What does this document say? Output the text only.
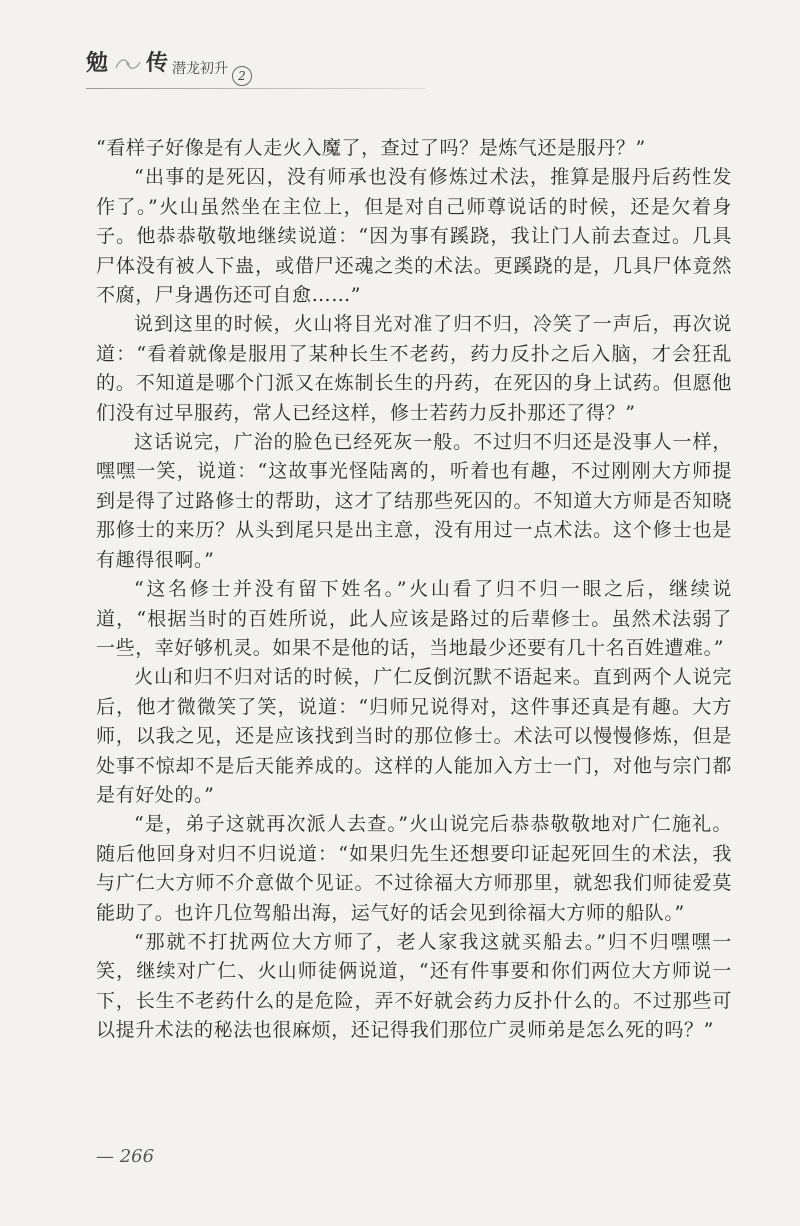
勉 传 潜龙初升 2

“看样子好像是有人走火入魔了，查过了吗？是炼气还是服丹？”

“出事的是死囚，没有师承也没有修炼过术法，推算是服丹后药性发作了。”火山虽然坐在主位上，但是对自己师尊说话的时候，还是欠着身子。他恭恭敬敬地继续说道：“因为事有蹊跷，我让门人前去查过。几具尸体没有被人下蛊，或借尸还魂之类的术法。更蹊跷的是，几具尸体竟然不腐，尸身遇伤还可自愈……”

说到这里的时候，火山将目光对准了归不归，冷笑了一声后，再次说道：“看着就像是服用了某种长生不老药，药力反扑之后入脑，才会狂乱的。不知道是哪个门派又在炼制长生的丹药，在死囚的身上试药。但愿他们没有过早服药，常人已经这样，修士若药力反扑那还了得？”

这话说完，广治的脸色已经死灰一般。不过归不归还是没事人一样，嘿嘿一笑，说道：“这故事光怪陆离的，听着也有趣，不过刚刚大方师提到是得了过路修士的帮助，这才了结那些死囚的。不知道大方师是否知晓那修士的来历？从头到尾只是出主意，没有用过一点术法。这个修士也是有趣得很啊。”

“这名修士并没有留下姓名。”火山看了归不归一眼之后，继续说道，“根据当时的百姓所说，此人应该是路过的后辈修士。虽然术法弱了一些，幸好够机灵。如果不是他的话，当地最少还要有几十名百姓遭难。”

火山和归不归对话的时候，广仁反倒沉默不语起来。直到两个人说完后，他才微微笑了笑，说道：“归师兄说得对，这件事还真是有趣。大方师，以我之见，还是应该找到当时的那位修士。术法可以慢慢修炼，但是处事不惊却不是后天能养成的。这样的人能加入方士一门，对他与宗门都是有好处的。”

“是，弟子这就再次派人去查。”火山说完后恭恭敬敬地对广仁施礼。随后他回身对归不归说道：“如果归先生还想要印证起死回生的术法，我与广仁大方师不介意做个见证。不过徐福大方师那里，就恕我们师徒爱莫能助了。也许几位驾船出海，运气好的话会见到徐福大方师的船队。”

“那就不打扰两位大方师了，老人家我这就买船去。”归不归嘿嘿一笑，继续对广仁、火山师徒俩说道，“还有件事要和你们两位大方师说一下，长生不老药什么的是危险，弄不好就会药力反扑什么的。不过那些可以提升术法的秘法也很麻烦，还记得我们那位广灵师弟是怎么死的吗？”

— 266
